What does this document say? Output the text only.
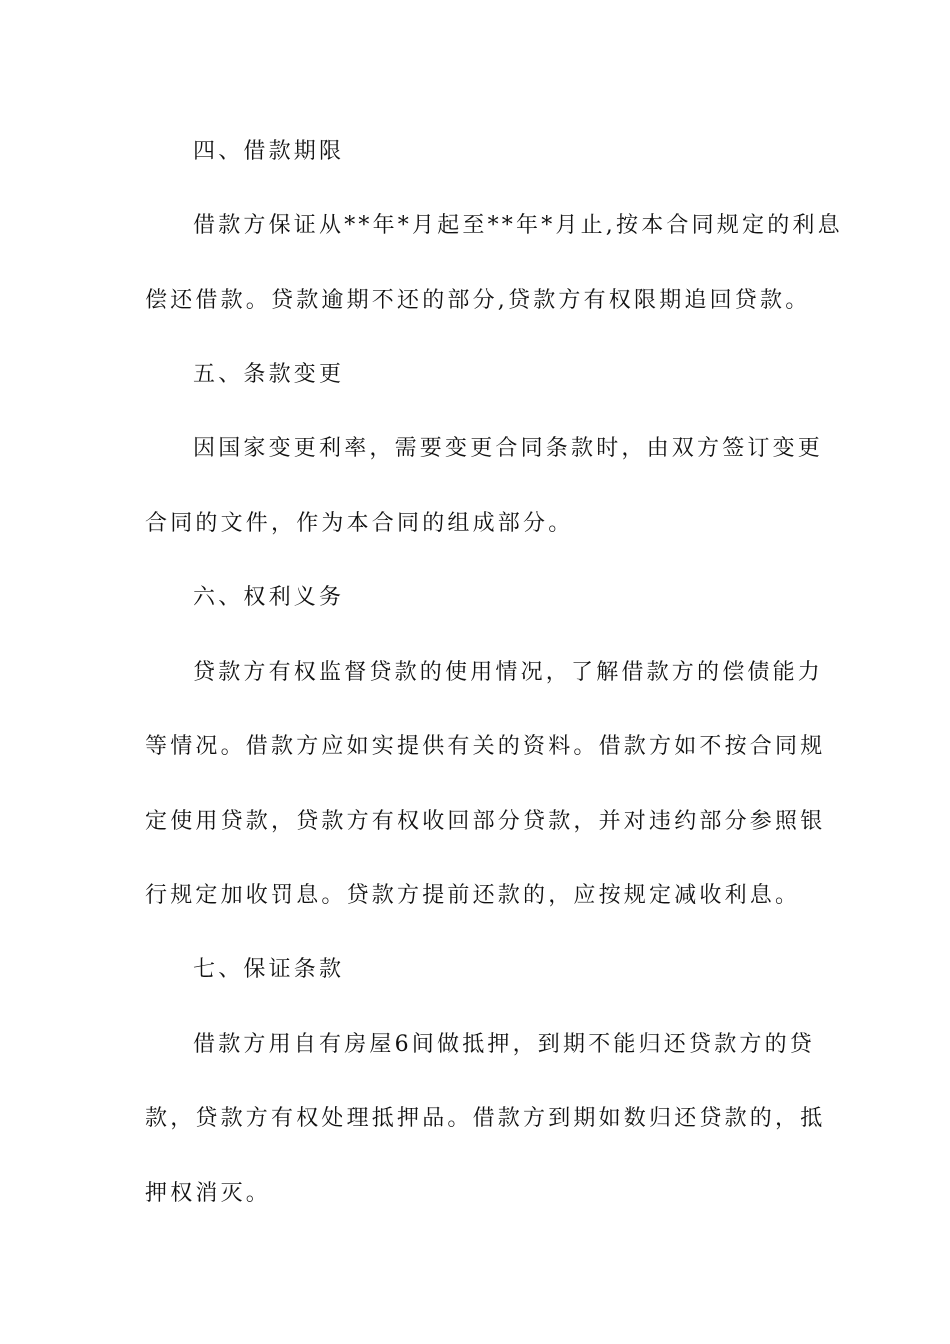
四、借款期限
借款方保证从**年*月起至**年*月止,按本合同规定的利息
偿还借款。贷款逾期不还的部分,贷款方有权限期追回贷款。
五、条款变更
因国家变更利率，需要变更合同条款时，由双方签订变更
合同的文件，作为本合同的组成部分。
六、权利义务
贷款方有权监督贷款的使用情况，了解借款方的偿债能力
等情况。借款方应如实提供有关的资料。借款方如不按合同规
定使用贷款，贷款方有权收回部分贷款，并对违约部分参照银
行规定加收罚息。贷款方提前还款的，应按规定减收利息。
七、保证条款
借款方用自有房屋6间做抵押，到期不能归还贷款方的贷
款，贷款方有权处理抵押品。借款方到期如数归还贷款的，抵
押权消灭。
